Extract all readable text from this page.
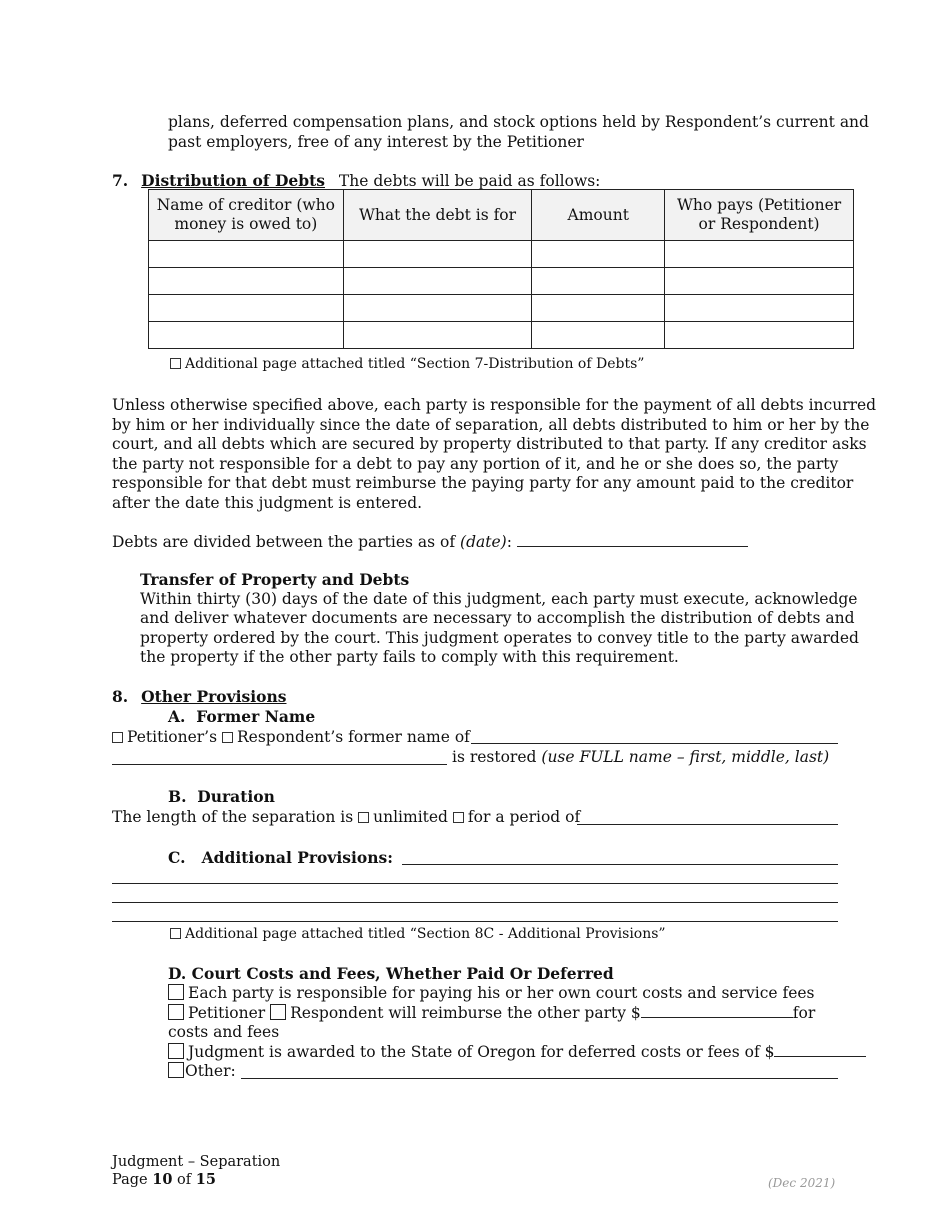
plans, deferred compensation plans, and stock options held by Respondent’s current and
past employers, free of any interest by the Petitioner
7. Distribution of Debts The debts will be paid as follows:
Name of creditor (who money is owed to)	What the debt is for	Amount	Who pays (Petitioner or Respondent)

Additional page attached titled “Section 7-Distribution of Debts”
Unless otherwise specified above, each party is responsible for the payment of all debts incurred
by him or her individually since the date of separation, all debts distributed to him or her by the
court, and all debts which are secured by property distributed to that party. If any creditor asks
the party not responsible for a debt to pay any portion of it, and he or she does so, the party
responsible for that debt must reimburse the paying party for any amount paid to the creditor
after the date this judgment is entered.
Debts are divided between the parties as of (date):
Transfer of Property and Debts
Within thirty (30) days of the date of this judgment, each party must execute, acknowledge
and deliver whatever documents are necessary to accomplish the distribution of debts and
property ordered by the court. This judgment operates to convey title to the party awarded
the property if the other party fails to comply with this requirement.
8. Other Provisions
A.  Former Name
Petitioner’s Respondent’s former name of
is restored (use FULL name – first, middle, last)
B.  Duration
The length of the separation is unlimited for a period of
C.   Additional Provisions:
Additional page attached titled “Section 8C - Additional Provisions”
D. Court Costs and Fees, Whether Paid Or Deferred
Each party is responsible for paying his or her own court costs and service fees
Petitioner Respondent will reimburse the other party $	for
costs and fees
Judgment is awarded to the State of Oregon for deferred costs or fees of $
Other:
Judgment – Separation
Page 10 of 15	(Dec 2021)
